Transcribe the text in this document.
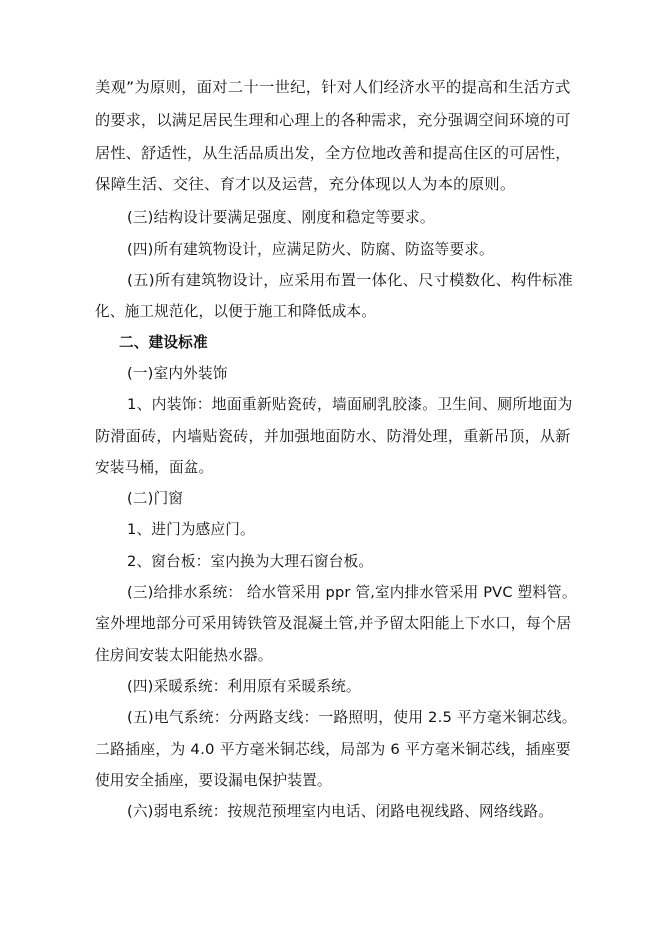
美观”为原则，面对二十一世纪，针对人们经济水平的提高和生活方式
的要求，以满足居民生理和心理上的各种需求，充分强调空间环境的可
居性、舒适性，从生活品质出发，全方位地改善和提高住区的可居性，
保障生活、交往、育才以及运营，充分体现以人为本的原则。
(三)结构设计要满足强度、刚度和稳定等要求。
(四)所有建筑物设计，应满足防火、防腐、防盗等要求。
(五)所有建筑物设计，应采用布置一体化、尺寸模数化、构件标准
化、施工规范化，以便于施工和降低成本。
二、建设标准
(一)室内外装饰
1、内装饰：地面重新贴瓷砖，墙面刷乳胶漆。卫生间、厕所地面为
防滑面砖，内墙贴瓷砖，并加强地面防水、防滑处理，重新吊顶，从新
安装马桶，面盆。
(二)门窗
1、进门为感应门。
2、窗台板：室内换为大理石窗台板。
(三)给排水系统： 给水管采用 ppr 管,室内排水管采用 PVC 塑料管。
室外埋地部分可采用铸铁管及混凝土管,并予留太阳能上下水口，每个居
住房间安装太阳能热水器。
(四)采暖系统：利用原有采暖系统。
(五)电气系统：分两路支线：一路照明，使用 2.5 平方毫米铜芯线。
二路插座，为 4.0 平方毫米铜芯线，局部为 6 平方毫米铜芯线，插座要
使用安全插座，要设漏电保护装置。
(六)弱电系统：按规范预埋室内电话、闭路电视线路、网络线路。
